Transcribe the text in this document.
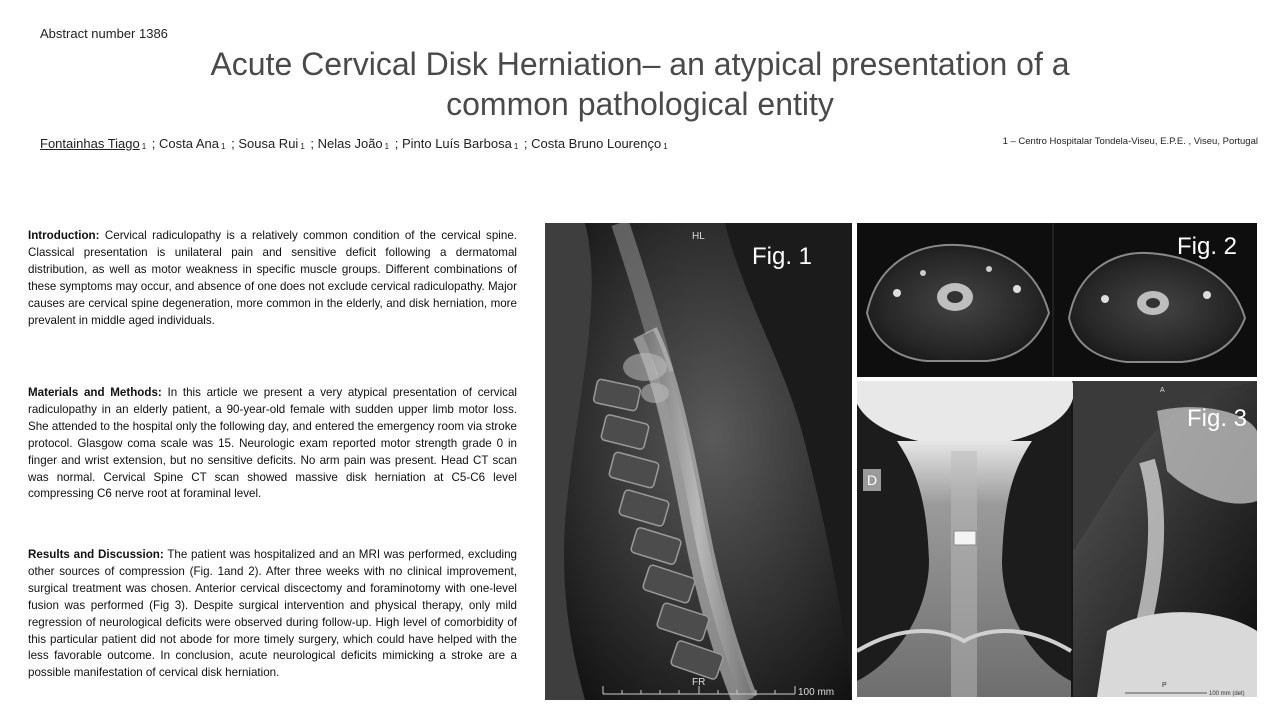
Abstract number 1386
Acute Cervical Disk Herniation– an atypical presentation of a
common pathological entity
Fontainhas Tiago 1 ; Costa Ana 1 ; Sousa Rui 1 ; Nelas João 1 ; Pinto Luís Barbosa 1 ; Costa Bruno Lourenço 1	1 – Centro Hospitalar Tondela-Viseu, E.P.E. , Viseu, Portugal

Introduction: Cervical radiculopathy is a relatively common condition of the cervical spine. Classical presentation is unilateral pain and sensitive deficit following a dermatomal distribution, as well as motor weakness in specific muscle groups. Different combinations of these symptoms may occur, and absence of one does not exclude cervical radiculopathy. Major causes are cervical spine degeneration, more common in the elderly, and disk herniation, more prevalent in middle aged individuals.

Materials and Methods: In this article we present a very atypical presentation of cervical radiculopathy in an elderly patient, a 90-year-old female with sudden upper limb motor loss. She attended to the hospital only the following day, and entered the emergency room via stroke protocol. Glasgow coma scale was 15. Neurologic exam reported motor strength grade 0 in finger and wrist extension, but no sensitive deficits. No arm pain was present. Head CT scan was normal. Cervical Spine CT scan showed massive disk herniation at C5-C6 level compressing C6 nerve root at foraminal level.

Results and Discussion: The patient was hospitalized and an MRI was performed, excluding other sources of compression (Fig. 1and 2). After three weeks with no clinical improvement, surgical treatment was chosen. Anterior cervical discectomy and foraminotomy with one-level fusion was performed (Fig 3). Despite surgical intervention and physical therapy, only mild regression of neurological deficits were observed during follow-up. High level of comorbidity of this particular patient did not abode for more timely surgery, which could have helped with the less favorable outcome. In conclusion, acute neurological deficits mimicking a stroke are a possible manifestation of cervical disk herniation.

HL
FR
100 mm
Fig. 1	Fig. 2
D
A
P
100 mm (det)
Fig. 3
